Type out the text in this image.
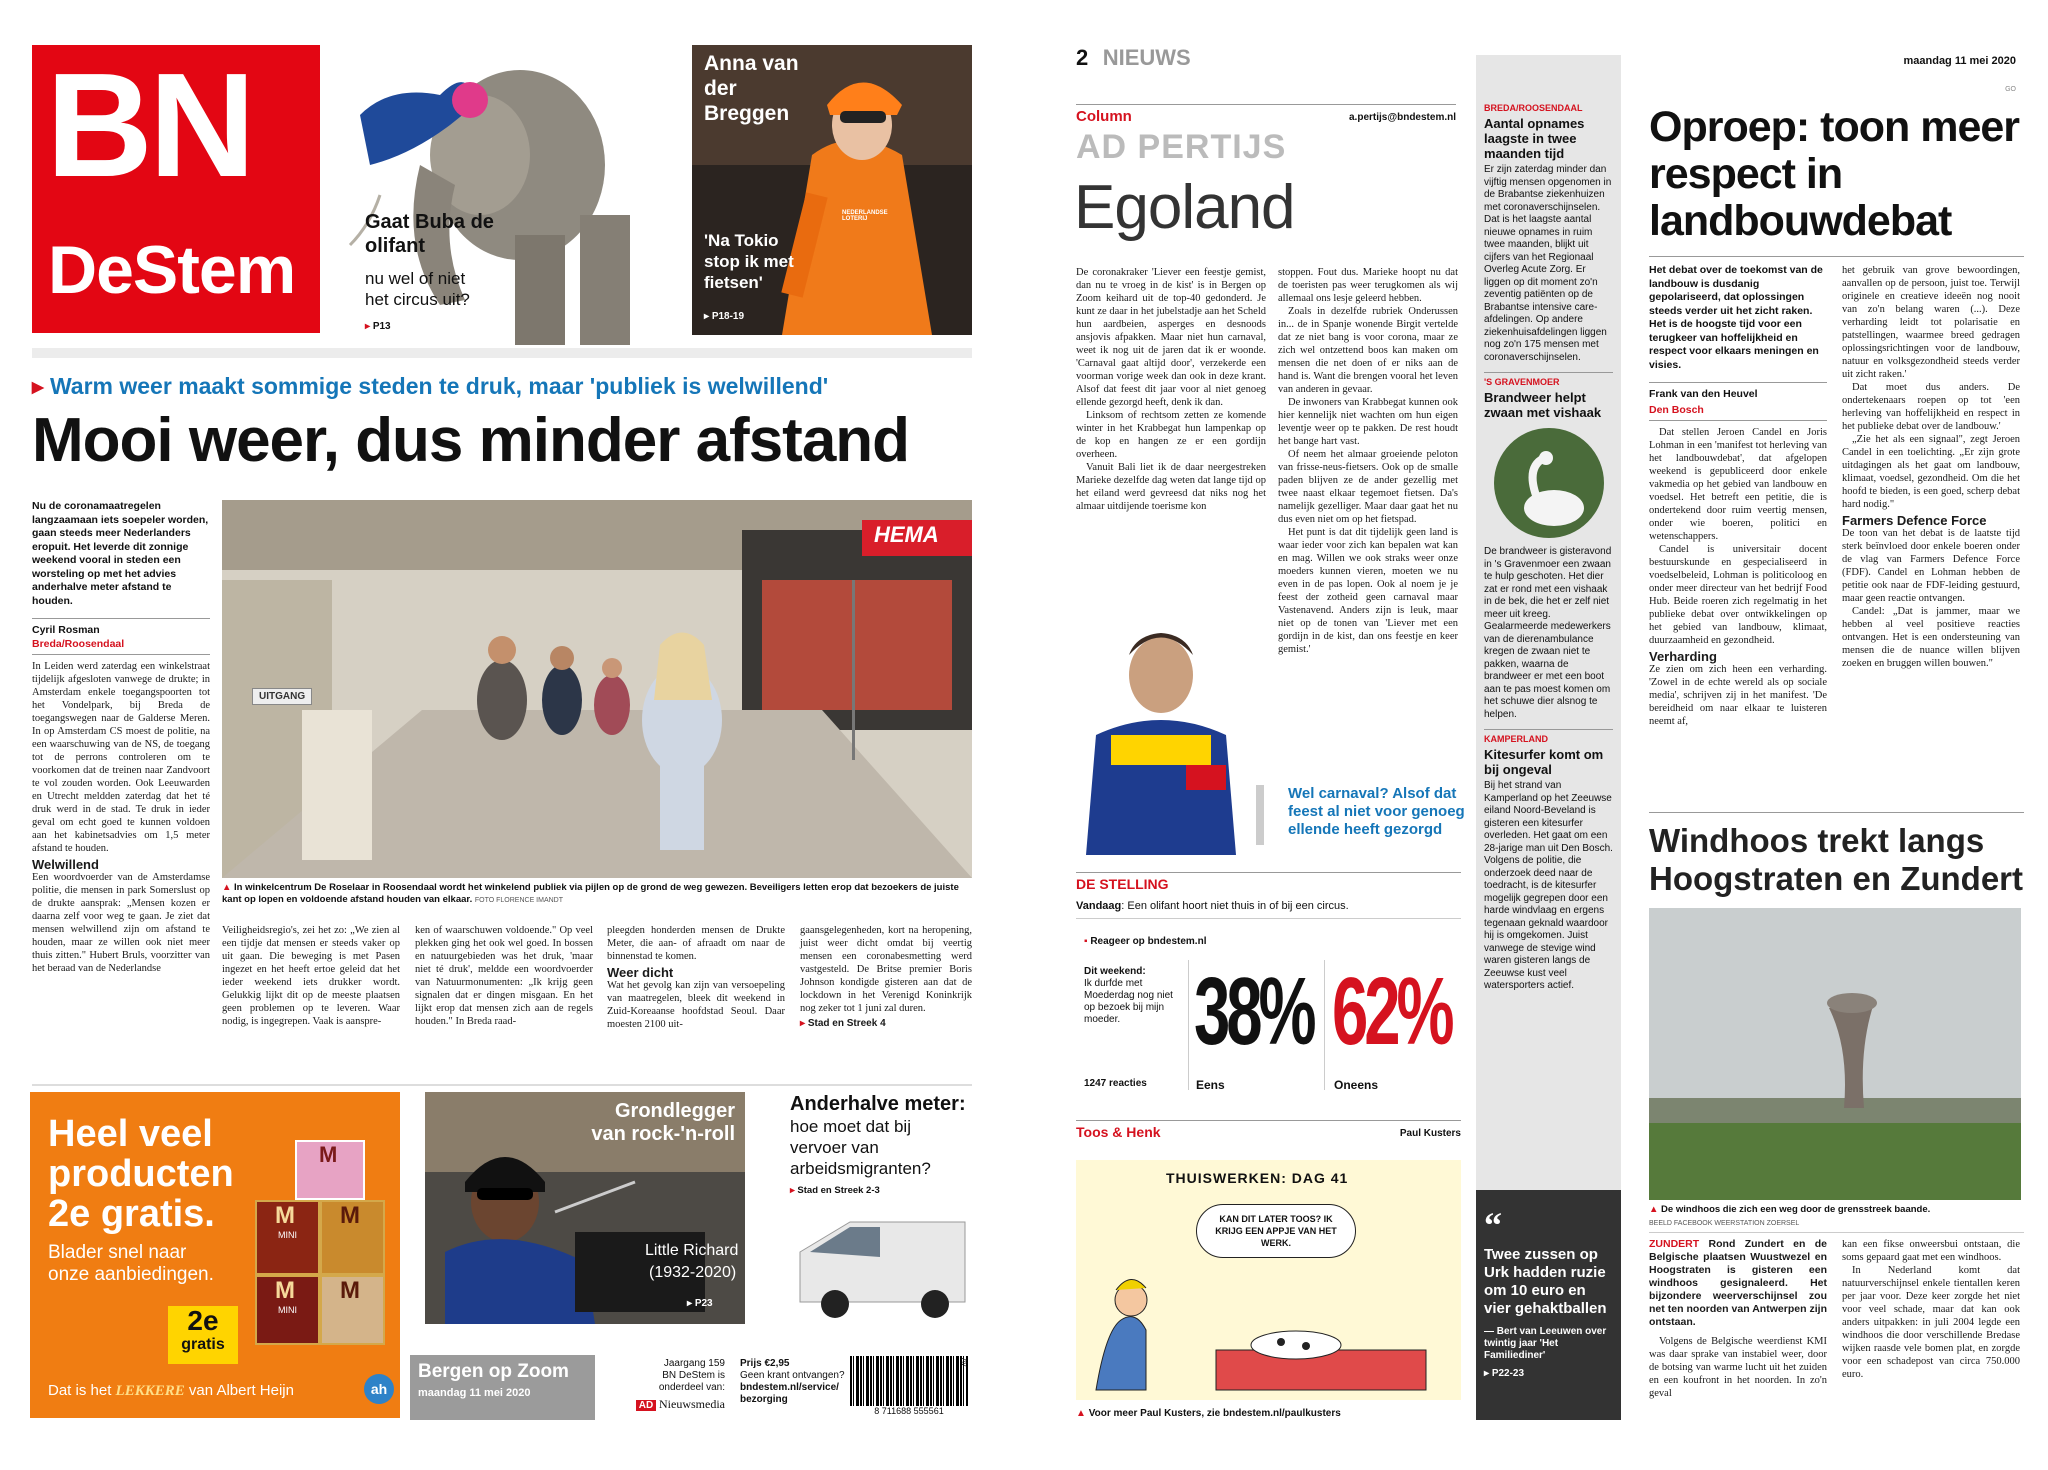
BN
DeStem
Gaat Buba de olifant
nu wel of niet het circus uit?
▸ P13
Anna van der Breggen
NEDERLANDSE LOTERIJ
'Na Tokio stop ik met fietsen'
▸ P18-19
▸ Warm weer maakt sommige steden te druk, maar 'publiek is welwillend'
Mooi weer, dus minder afstand
Nu de coronamaatregelen langzaamaan iets soepeler worden, gaan steeds meer Nederlanders eropuit. Het leverde dit zonnige weekend vooral in steden een worsteling op met het advies anderhalve meter afstand te houden.
Cyril Rosman
Breda/Roosendaal

In Leiden werd zaterdag een winkelstraat tijdelijk afgesloten vanwege de drukte; in Amsterdam enkele toegangspoorten tot het Vondelpark, bij Breda de toegangswegen naar de Galderse Meren. In op Amsterdam CS moest de politie, na een waarschuwing van de NS, de toegang tot de perrons controleren om te voorkomen dat de treinen naar Zandvoort te vol zouden worden. Ook Leeuwarden en Utrecht meldden zaterdag dat het té druk werd in de stad. Te druk in ieder geval om echt goed te kunnen voldoen aan het kabinetsadvies om 1,5 meter afstand te houden.

Welwillend

Een woordvoerder van de Amsterdamse politie, die mensen in park Somerslust op de drukte aansprak: „Mensen kozen er daarna zelf voor weg te gaan. Je ziet dat mensen welwillend zijn om afstand te houden, maar ze willen ook niet meer thuis zitten." Hubert Bruls, voorzitter van het beraad van de Nederlandse

HEMA
UITGANG
▲ In winkelcentrum De Roselaar in Roosendaal wordt het winkelend publiek via pijlen op de grond de weg gewezen. Beveiligers letten erop dat bezoekers de juiste kant op lopen en voldoende afstand houden van elkaar. FOTO FLORENCE IMANDT

Veiligheidsregio's, zei het zo: „We zien al een tijdje dat mensen er steeds vaker op uit gaan. Die beweging is met Pasen ingezet en het heeft ertoe geleid dat het ieder weekend iets drukker wordt. Gelukkig lijkt dit op de meeste plaatsen geen problemen op te leveren. Waar nodig, is ingegrepen. Vaak is aanspre-

ken of waarschuwen voldoende." Op veel plekken ging het ook wel goed. In bossen en natuurgebieden was het druk, 'maar niet té druk', meldde een woordvoerder van Natuurmonumenten: „Ik krijg geen signalen dat er dingen misgaan. En het lijkt erop dat mensen zich aan de regels houden." In Breda raad-

pleegden honderden mensen de Drukte Meter, die aan- of afraadt om naar de binnenstad te komen.

Weer dicht

Wat het gevolg kan zijn van versoepeling van maatregelen, bleek dit weekend in Zuid-Koreaanse hoofdstad Seoul. Daar moesten 2100 uit-

gaansgelegenheden, kort na heropening, juist weer dicht omdat bij veertig mensen een coronabesmetting werd vastgesteld. De Britse premier Boris Johnson kondigde gisteren aan dat de lockdown in het Verenigd Koninkrijk nog zeker tot 1 juni zal duren.

▸ Stad en Streek 4
Heel veel
producten
2e gratis.
Blader snel naar
onze aanbiedingen.
M
M
MINI
M
M
MINI
M
2e
gratis
Dat is het LEKKERE van Albert Heijn	ah
Grondlegger
van rock-'n-roll
Little Richard
(1932-2020)
▸ P23
Anderhalve meter:
hoe moet dat bij vervoer van arbeidsmigranten?
▸ Stad en Streek 2-3
Bergen op Zoom
maandag 11 mei 2020
Jaargang 159
BN DeStem is
onderdeel van:
AD Nieuwsmedia
Prijs €2,95
Geen krant ontvangen?
bndestem.nl/service/
bezorging
8 711688 555561
AV
2 NIEUWS	maandag 11 mei 2020
GO
Column	a.pertijs@bndestem.nl
AD PERTIJS
Egoland

De coronakraker 'Liever een feestje gemist, dan nu te vroeg in de kist' is in Bergen op Zoom keihard uit de top-40 gedonderd. Je kunt ze daar in het jubelstadje aan het Scheld hun aardbeien, asperges en desnoods ansjovis afpakken. Maar niet hun carnaval, weet ik nog uit de jaren dat ik er woonde. 'Carnaval gaat altijd door', verzekerde een voorman vorige week dan ook in deze krant. Alsof dat feest dit jaar voor al niet genoeg ellende gezorgd heeft, denk ik dan.

Linksom of rechtsom zetten ze komende winter in het Krabbegat hun lampenkap op de kop en hangen ze er een gordijn overheen.

Vanuit Bali liet ik de daar neergestreken Marieke dezelfde dag weten dat lange tijd op het eiland werd gevreesd dat niks nog het almaar uitdijende toerisme kon

stoppen. Fout dus. Marieke hoopt nu dat de toeristen pas weer terugkomen als wij allemaal ons lesje geleerd hebben.

Zoals in dezelfde rubriek Onderussen in... de in Spanje wonende Birgit vertelde dat ze niet bang is voor corona, maar ze zich wel ontzettend boos kan maken om mensen die net doen of er niks aan de hand is. Want die brengen vooral het leven van anderen in gevaar.

De inwoners van Krabbegat kunnen ook hier kennelijk niet wachten om hun eigen leventje weer op te pakken. De rest houdt het bange hart vast.

Of neem het almaar groeiende peloton van frisse-neus-fietsers. Ook op de smalle paden blijven ze de ander gezellig met twee naast elkaar tegemoet fietsen. Da's namelijk gezelliger. Maar daar gaat het nu dus even niet om op het fietspad.

Het punt is dat dit tijdelijk geen land is waar ieder voor zich kan bepalen wat kan en mag. Willen we ook straks weer onze moeders kunnen vieren, moeten we nu even in de pas lopen. Ook al noem je je feest der zotheid geen carnaval maar Vastenavend. Anders zijn is leuk, maar niet op de tonen van 'Liever met een gordijn in de kist, dan ons feestje en keer gemist.'

Wel carnaval? Alsof dat feest al niet voor genoeg ellende heeft gezorgd
DE STELLING
Vandaag: Een olifant hoort niet thuis in of bij een circus.
▪ Reageer op bndestem.nl
Dit weekend:
Ik durfde met Moederdag nog niet op bezoek bij mijn moeder.
1247 reacties
38%
Eens
62%
Oneens
Toos & Henk	Paul Kusters
THUISWERKEN: DAG 41
KAN DIT LATER TOOS? IK KRIJG EEN APPJE VAN HET WERK.
▲ Voor meer Paul Kusters, zie bndestem.nl/paulkusters
BREDA/ROOSENDAAL
Aantal opnames laagste in twee maanden tijd
Er zijn zaterdag minder dan vijftig mensen opgenomen in de Brabantse ziekenhuizen met coronaverschijnselen. Dat is het laagste aantal nieuwe opnames in ruim twee maanden, blijkt uit cijfers van het Regionaal Overleg Acute Zorg. Er liggen op dit moment zo'n zeventig patiënten op de Brabantse intensive care-afdelingen. Op andere ziekenhuisafdelingen liggen nog zo'n 175 mensen met coronaverschijnselen.
'S GRAVENMOER
Brandweer helpt zwaan met vishaak
De brandweer is gisteravond in 's Gravenmoer een zwaan te hulp geschoten. Het dier zat er rond met een vishaak in de bek, die het er zelf niet meer uit kreeg. Gealarmeerde medewerkers van de dierenambulance kregen de zwaan niet te pakken, waarna de brandweer er met een boot aan te pas moest komen om het schuwe dier alsnog te helpen.
KAMPERLAND
Kitesurfer komt om bij ongeval
Bij het strand van Kamperland op het Zeeuwse eiland Noord-Beveland is gisteren een kitesurfer overleden. Het gaat om een 28-jarige man uit Den Bosch. Volgens de politie, die onderzoek deed naar de toedracht, is de kitesurfer mogelijk gegrepen door een harde windvlaag en ergens tegenaan geknald waardoor hij is omgekomen. Juist vanwege de stevige wind waren gisteren langs de Zeeuwse kust veel watersporters actief.
“
Twee zussen op Urk hadden ruzie om 10 euro en vier gehaktballen
— Bert van Leeuwen over twintig jaar 'Het Familiediner'
▸ P22-23
Oproep: toon meer respect in landbouwdebat
Het debat over de toekomst van de landbouw is dusdanig gepolariseerd, dat oplossingen steeds verder uit het zicht raken. Het is de hoogste tijd voor een terugkeer van hoffelijkheid en respect voor elkaars meningen en visies.
Frank van den Heuvel
Den Bosch

Dat stellen Jeroen Candel en Joris Lohman in een 'manifest tot herleving van het landbouwdebat', dat afgelopen weekend is gepubliceerd door enkele vakmedia op het gebied van landbouw en voedsel. Het betreft een petitie, die is ondertekend door ruim veertig mensen, onder wie boeren, politici en wetenschappers.

Candel is universitair docent bestuurskunde en gespecialiseerd in voedselbeleid, Lohman is politicoloog en onder meer directeur van het bedrijf Food Hub. Beide roeren zich regelmatig in het publieke debat over ontwikkelingen op het gebied van landbouw, klimaat, duurzaamheid en gezondheid.

Verharding

Ze zien om zich heen een verharding. 'Zowel in de echte wereld als op sociale media', schrijven zij in het manifest. 'De bereidheid om naar elkaar te luisteren neemt af,

het gebruik van grove bewoordingen, aanvallen op de persoon, juist toe. Terwijl originele en creatieve ideeën nog nooit van zo'n belang waren (...). Deze verharding leidt tot polarisatie en patstellingen, waarmee breed gedragen oplossingsrichtingen voor de landbouw, natuur en volksgezondheid steeds verder uit zicht raken.'

Dat moet dus anders. De ondertekenaars roepen op tot 'een herleving van hoffelijkheid en respect in het publieke debat over de landbouw.'

„Zie het als een signaal", zegt Jeroen Candel in een toelichting. „Er zijn grote uitdagingen als het gaat om landbouw, klimaat, voedsel, gezondheid. Om die het hoofd te bieden, is een goed, scherp debat hard nodig."

Farmers Defence Force

De toon van het debat is de laatste tijd sterk beïnvloed door enkele boeren onder de vlag van Farmers Defence Force (FDF). Candel en Lohman hebben de petitie ook naar de FDF-leiding gestuurd, maar geen reactie ontvangen.

Candel: „Dat is jammer, maar we hebben al veel positieve reacties ontvangen. Het is een ondersteuning van mensen die de nuance willen blijven zoeken en bruggen willen bouwen."

Windhoos trekt langs Hoogstraten en Zundert
▲ De windhoos die zich een weg door de grensstreek baande.
BEELD FACEBOOK WEERSTATION ZOERSEL

ZUNDERT Rond Zundert en de Belgische plaatsen Wuustwezel en Hoogstraten is gisteren een windhoos gesignaleerd. Het bijzondere weerverschijnsel zou net ten noorden van Antwerpen zijn ontstaan.

Volgens de Belgische weerdienst KMI was daar sprake van instabiel weer, door de botsing van warme lucht uit het zuiden en een koufront in het noorden. In zo'n geval

kan een fikse onweersbui ontstaan, die soms gepaard gaat met een windhoos.

In Nederland komt dat natuurverschijnsel enkele tientallen keren per jaar voor. Deze keer zorgde het niet voor veel schade, maar dat kan ook anders uitpakken: in juli 2004 legde een windhoos die door verschillende Bredase wijken raasde vele bomen plat, en zorgde voor een schadepost van circa 750.000 euro.
